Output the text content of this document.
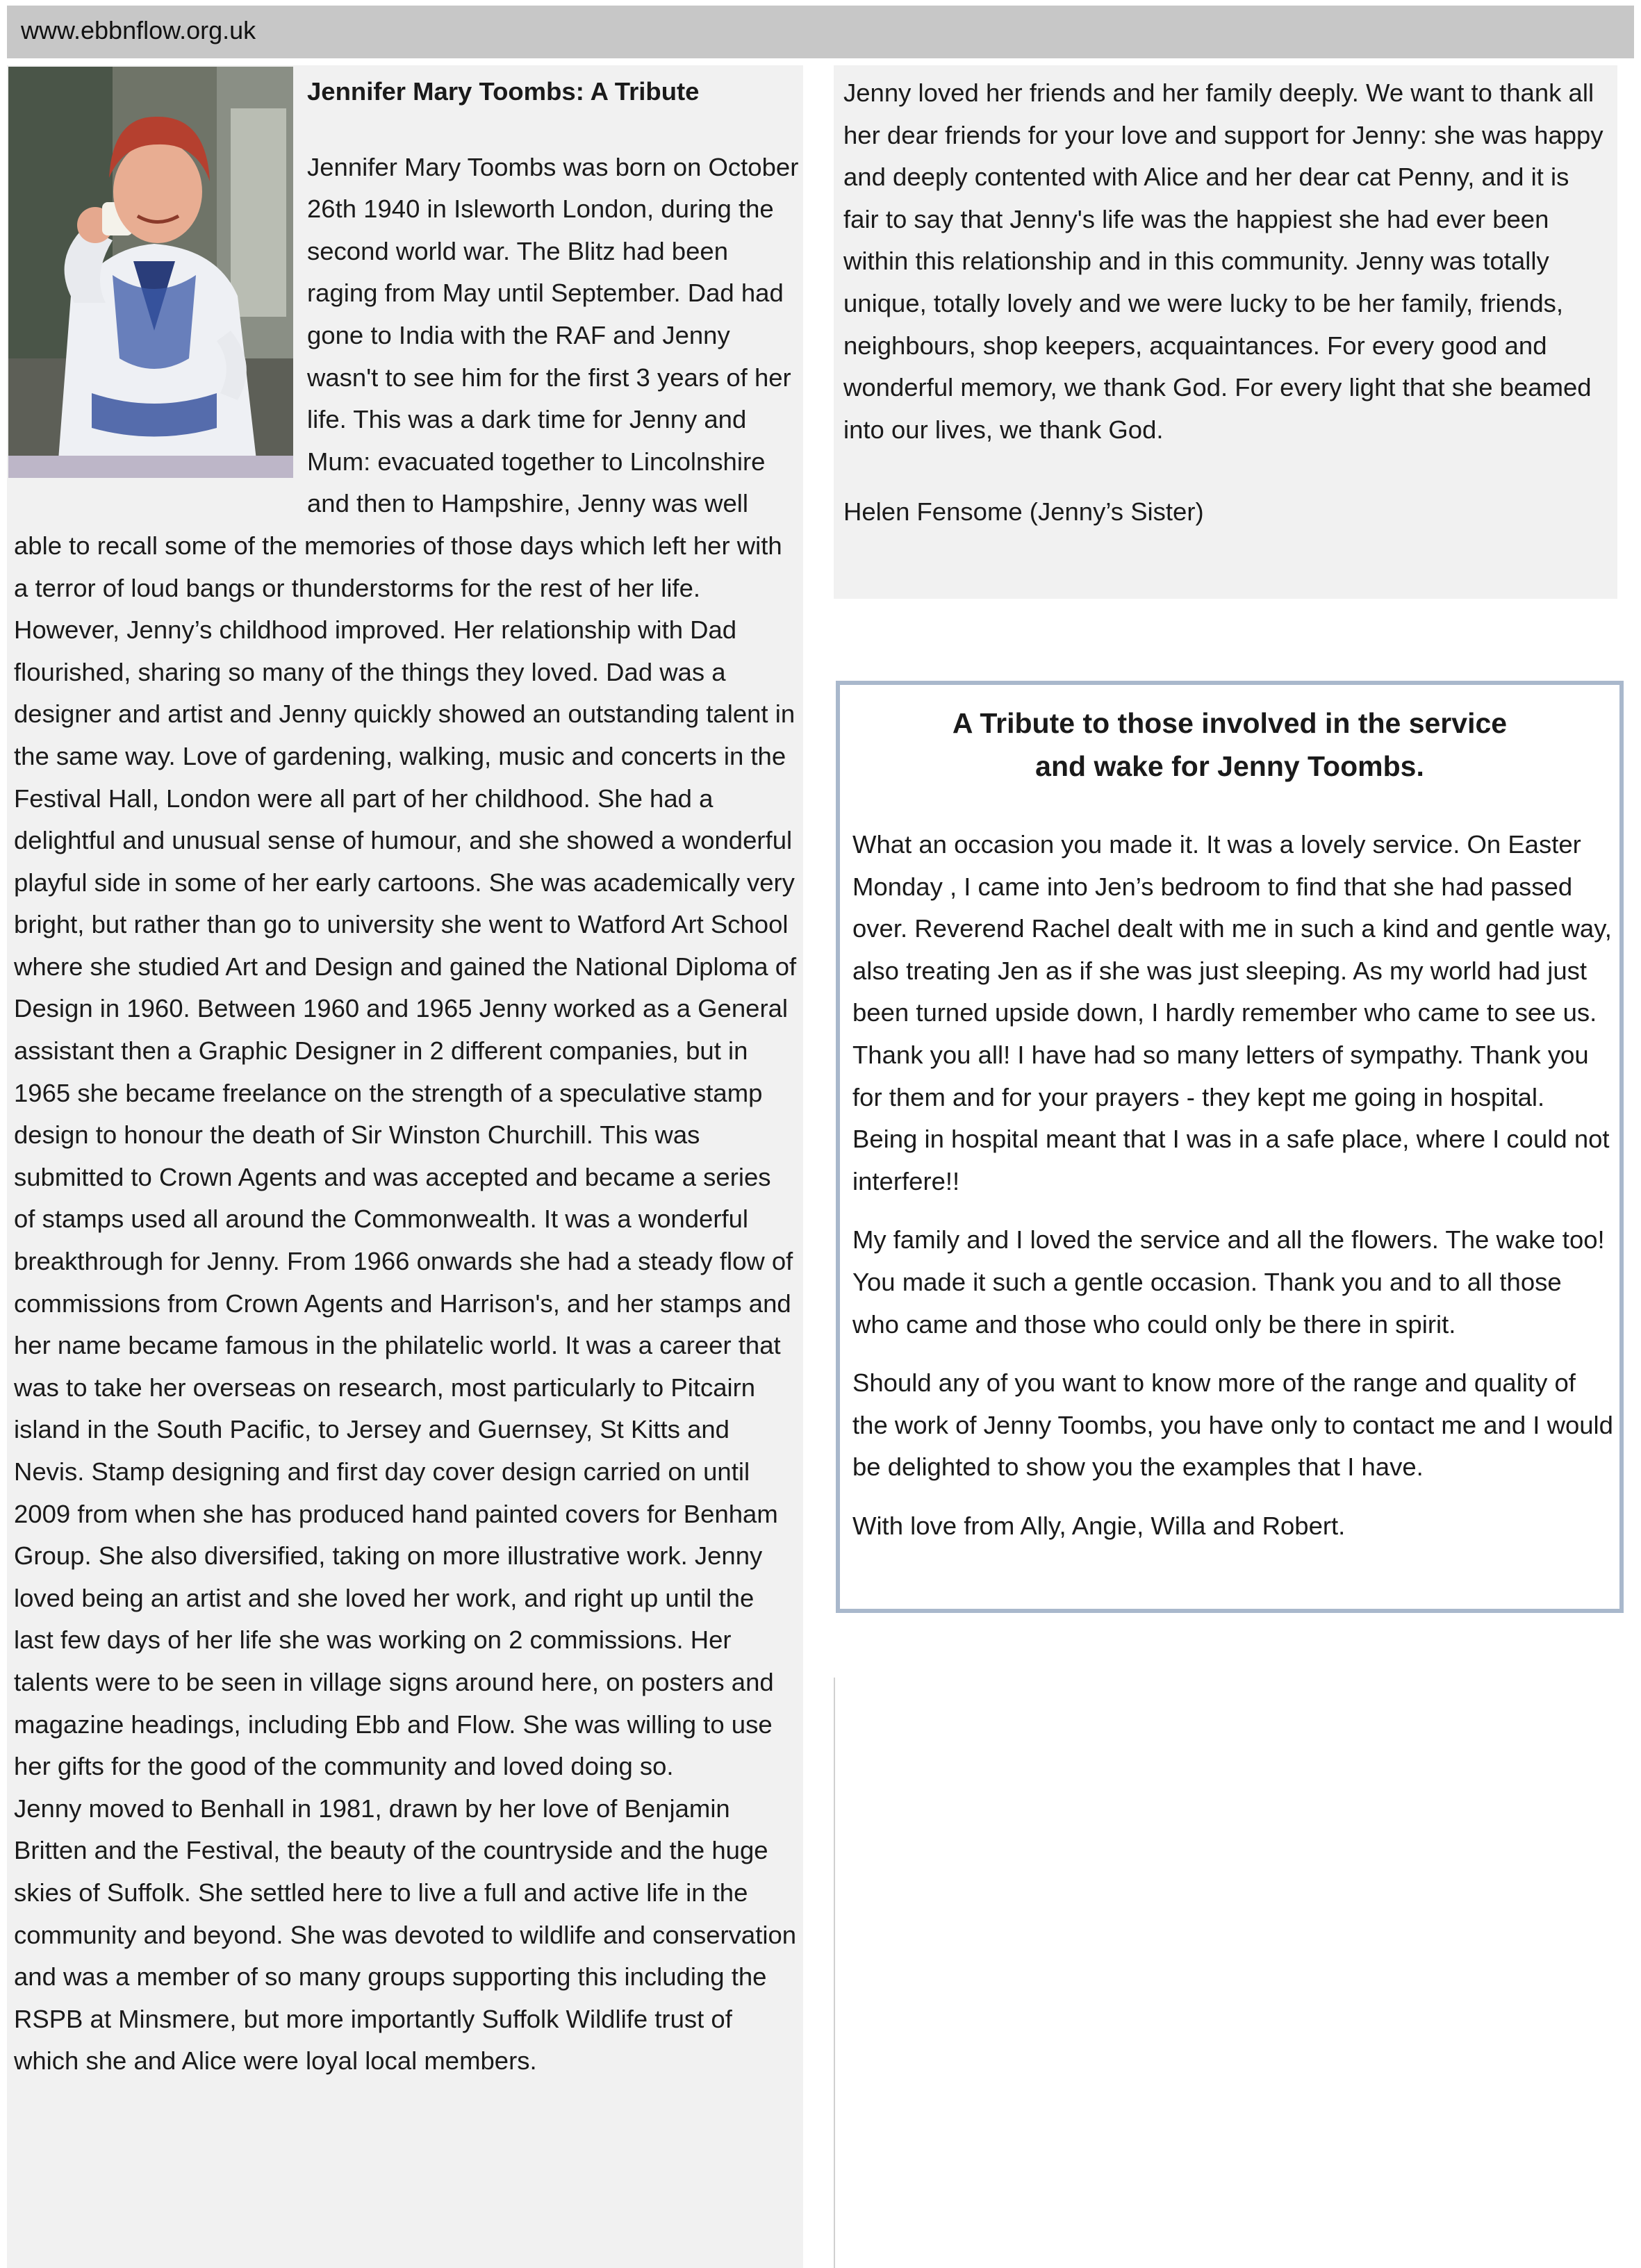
www.ebbnflow.org.uk

Jennifer Mary Toombs: A Tribute

Jennifer Mary Toombs was born on October 26th 1940 in Isleworth London, during the second world war. The Blitz had been raging from May until September. Dad had gone to India with the RAF and Jenny wasn't to see him for the first 3 years of her life. This was a dark time for Jenny and Mum: evacuated together to Lincolnshire and then to Hampshire, Jenny was well able to recall some of the memories of those days which left her with a terror of loud bangs or thunderstorms for the rest of her life.

However, Jenny’s childhood improved. Her relationship with Dad flourished, sharing so many of the things they loved. Dad was a designer and artist and Jenny quickly showed an outstanding talent in the same way. Love of gardening, walking, music and concerts in the Festival Hall, London were all part of her childhood. She had a delightful and unusual sense of humour, and she showed a wonderful playful side in some of her early cartoons. She was academically very bright, but rather than go to university she went to Watford Art School where she studied Art and Design and gained the National Diploma of Design in 1960. Between 1960 and 1965 Jenny worked as a General assistant then a Graphic Designer in 2 different companies, but in 1965 she became freelance on the strength of a speculative stamp design to honour the death of Sir Winston Churchill. This was submitted to Crown Agents and was accepted and became a series of stamps used all around the Commonwealth. It was a wonderful breakthrough for Jenny. From 1966 onwards she had a steady flow of commissions from Crown Agents and Harrison's, and her stamps and her name became famous in the philatelic world. It was a career that was to take her overseas on research, most particularly to Pitcairn island in the South Pacific, to Jersey and Guernsey, St Kitts and Nevis. Stamp designing and first day cover design carried on until 2009 from when she has produced hand painted covers for Benham Group. She also diversified, taking on more illustrative work. Jenny loved being an artist and she loved her work, and right up until the last few days of her life she was working on 2 commissions. Her talents were to be seen in village signs around here, on posters and magazine headings, including Ebb and Flow. She was willing to use her gifts for the good of the community and loved doing so.

Jenny moved to Benhall in 1981, drawn by her love of Benjamin Britten and the Festival, the beauty of the countryside and the huge skies of Suffolk. She settled here to live a full and active life in the community and beyond. She was devoted to wildlife and conservation and was a member of so many groups supporting this including the RSPB at Minsmere, but more importantly Suffolk Wildlife trust of which she and Alice were loyal local members.

Jenny loved her friends and her family deeply. We want to thank all her dear friends for your love and support for Jenny: she was happy and deeply contented with Alice and her dear cat Penny, and it is fair to say that Jenny's life was the happiest she had ever been within this relationship and in this community. Jenny was totally unique, totally lovely and we were lucky to be her family, friends, neighbours, shop keepers, acquaintances. For every good and wonderful memory, we thank God. For every light that she beamed into our lives, we thank God.

Helen Fensome (Jenny’s Sister)

A Tribute to those involved in the service
and wake for Jenny Toombs.

What an occasion you made it. It was a lovely service. On Easter Monday , I came into Jen’s bedroom to find that she had passed over. Reverend Rachel dealt with me in such a kind and gentle way, also treating Jen as if she was just sleeping. As my world had just been turned upside down, I hardly remember who came to see us. Thank you all! I have had so many letters of sympathy. Thank you for them and for your prayers - they kept me going in hospital. Being in hospital meant that I was in a safe place, where I could not interfere!!

My family and I loved the service and all the flowers. The wake too! You made it such a gentle occasion. Thank you and to all those who came and those who could only be there in spirit.

Should any of you want to know more of the range and quality of the work of Jenny Toombs, you have only to contact me and I would be delighted to show you the examples that I have.

With love from Ally, Angie, Willa and Robert.
